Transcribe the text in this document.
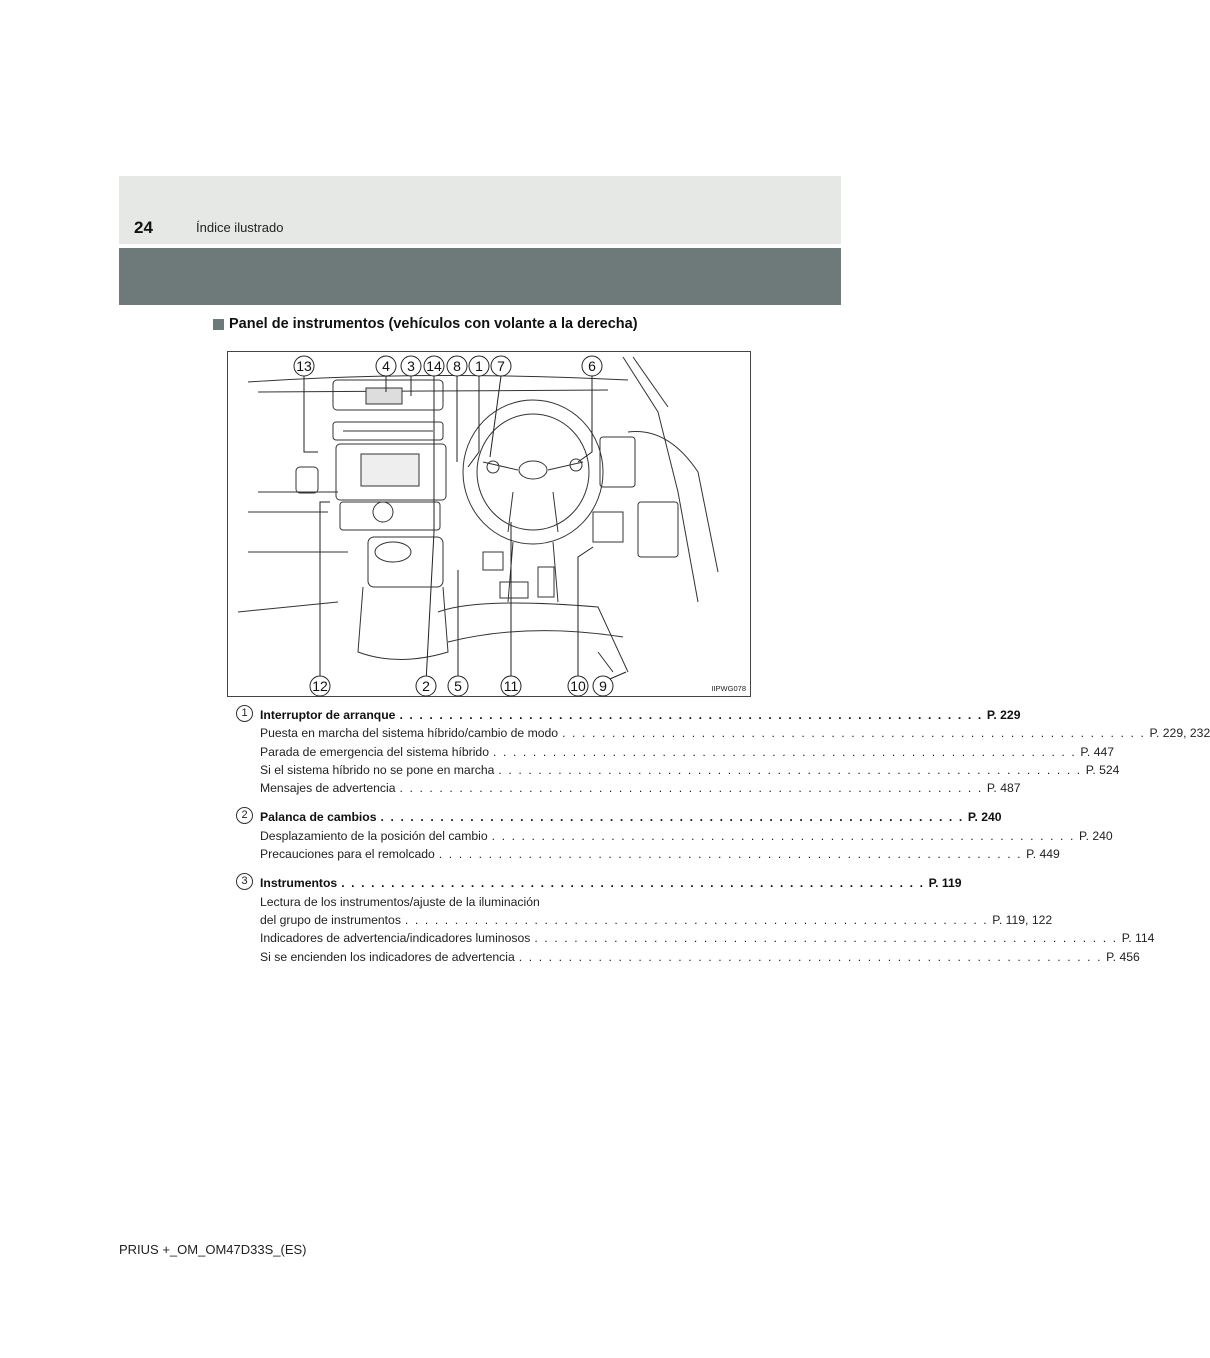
24	Índice ilustrado
Panel de instrumentos (vehículos con volante a la derecha)
13	4 3 14 8 1 7	6
12	2 5	11	10 9	IIPWG078
1	Interruptor de arranque . . . . . . . . . . . . . . . . . . . . . . . . . . . . . . . . . . . . . . . . . . . . . . . . . . . . . . . . . . . P. 229
Puesta en marcha del sistema híbrido/cambio de modo . . . . . . . . . . . . . . . . . . . . . . . . . . . . . . . . . . . . . . . . . . . . . . . . . . . . . . . . . . . P. 229, 232
Parada de emergencia del sistema híbrido . . . . . . . . . . . . . . . . . . . . . . . . . . . . . . . . . . . . . . . . . . . . . . . . . . . . . . . . . . . P. 447
Si el sistema híbrido no se pone en marcha . . . . . . . . . . . . . . . . . . . . . . . . . . . . . . . . . . . . . . . . . . . . . . . . . . . . . . . . . . . P. 524
Mensajes de advertencia . . . . . . . . . . . . . . . . . . . . . . . . . . . . . . . . . . . . . . . . . . . . . . . . . . . . . . . . . . . P. 487
2	Palanca de cambios . . . . . . . . . . . . . . . . . . . . . . . . . . . . . . . . . . . . . . . . . . . . . . . . . . . . . . . . . . . P. 240
Desplazamiento de la posición del cambio . . . . . . . . . . . . . . . . . . . . . . . . . . . . . . . . . . . . . . . . . . . . . . . . . . . . . . . . . . . P. 240
Precauciones para el remolcado . . . . . . . . . . . . . . . . . . . . . . . . . . . . . . . . . . . . . . . . . . . . . . . . . . . . . . . . . . . P. 449
3	Instrumentos . . . . . . . . . . . . . . . . . . . . . . . . . . . . . . . . . . . . . . . . . . . . . . . . . . . . . . . . . . . P. 119
Lectura de los instrumentos/ajuste de la iluminación
del grupo de instrumentos . . . . . . . . . . . . . . . . . . . . . . . . . . . . . . . . . . . . . . . . . . . . . . . . . . . . . . . . . . . P. 119, 122
Indicadores de advertencia/indicadores luminosos . . . . . . . . . . . . . . . . . . . . . . . . . . . . . . . . . . . . . . . . . . . . . . . . . . . . . . . . . . . P. 114
Si se encienden los indicadores de advertencia . . . . . . . . . . . . . . . . . . . . . . . . . . . . . . . . . . . . . . . . . . . . . . . . . . . . . . . . . . . P. 456
PRIUS +_OM_OM47D33S_(ES)
